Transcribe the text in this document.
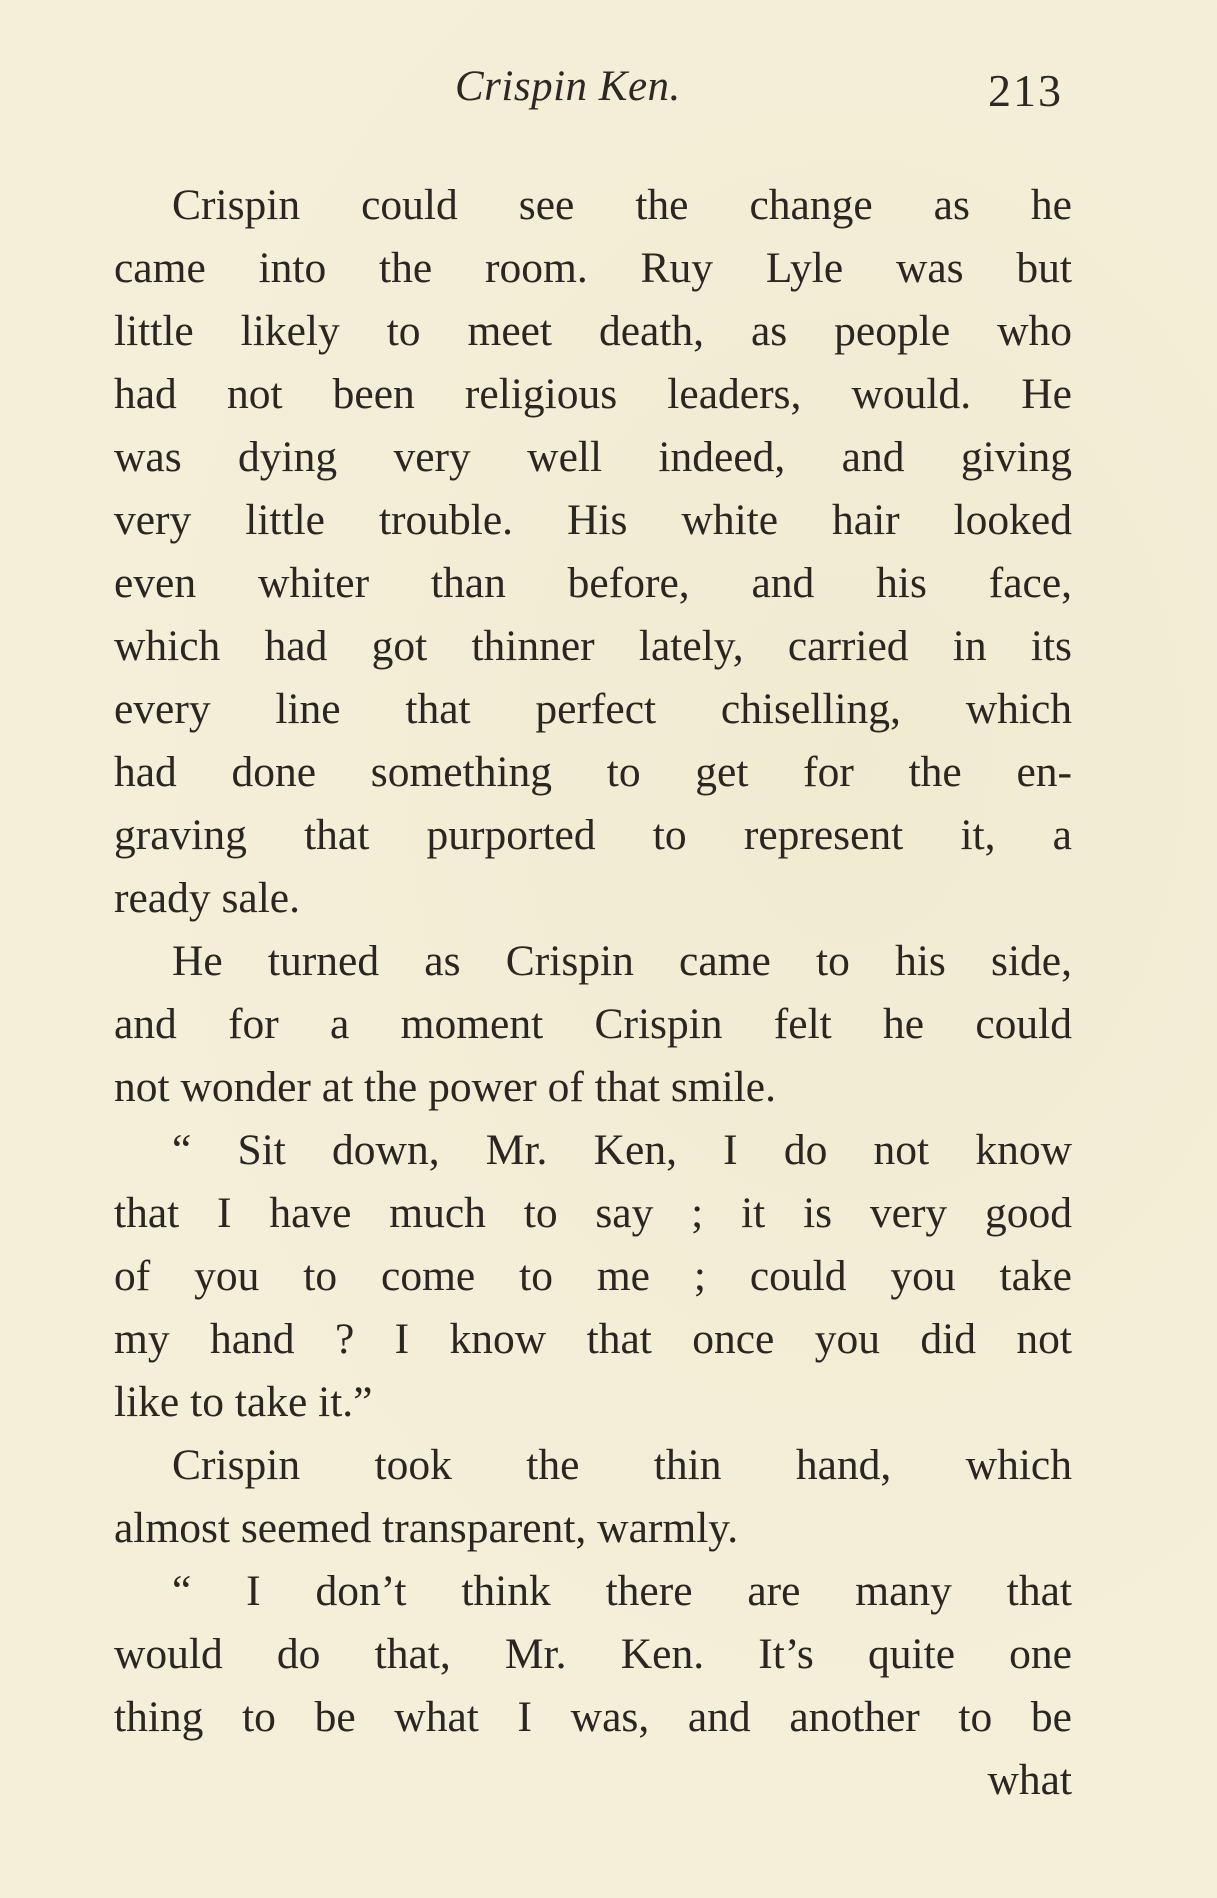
Crispin Ken.	213
Crispin could see the change as he
came into the room. Ruy Lyle was but
little likely to meet death, as people who
had not been religious leaders, would. He
was dying very well indeed, and giving
very little trouble. His white hair looked
even whiter than before, and his face,
which had got thinner lately, carried in its
every line that perfect chiselling, which
had done something to get for the en-
graving that purported to represent it, a
ready sale.
He turned as Crispin came to his side,
and for a moment Crispin felt he could
not wonder at the power of that smile.
“ Sit down, Mr. Ken, I do not know
that I have much to say ; it is very good
of you to come to me ; could you take
my hand ? I know that once you did not
like to take it.”
Crispin took the thin hand, which
almost seemed transparent, warmly.
“ I don’t think there are many that
would do that, Mr. Ken. It’s quite one
thing to be what I was, and another to be
what
